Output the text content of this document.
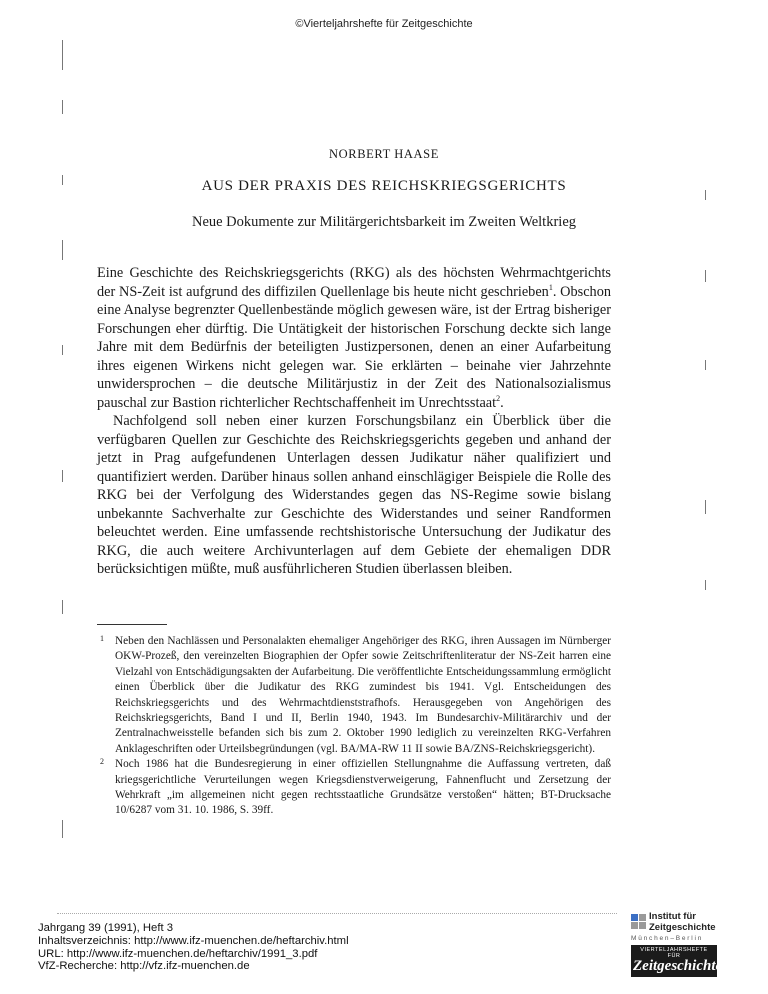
©Vierteljahrshefte für Zeitgeschichte
NORBERT HAASE
AUS DER PRAXIS DES REICHSKRIEGSGERICHTS
Neue Dokumente zur Militärgerichtsbarkeit im Zweiten Weltkrieg

Eine Geschichte des Reichskriegsgerichts (RKG) als des höchsten Wehrmachtgerichts der NS-Zeit ist aufgrund des diffizilen Quellenlage bis heute nicht geschrieben$^1$. Obschon eine Analyse begrenzter Quellenbestände möglich gewesen wäre, ist der Ertrag bisheriger Forschungen eher dürftig. Die Untätigkeit der historischen Forschung deckte sich lange Jahre mit dem Bedürfnis der beteiligten Justizpersonen, denen an einer Aufarbeitung ihres eigenen Wirkens nicht gelegen war. Sie erklärten – beinahe vier Jahrzehnte unwidersprochen – die deutsche Militärjustiz in der Zeit des Nationalsozialismus pauschal zur Bastion richterlicher Rechtschaffenheit im Unrechtsstaat$^2$.

Nachfolgend soll neben einer kurzen Forschungsbilanz ein Überblick über die verfügbaren Quellen zur Geschichte des Reichskriegsgerichts gegeben und anhand der jetzt in Prag aufgefundenen Unterlagen dessen Judikatur näher qualifiziert und quantifiziert werden. Darüber hinaus sollen anhand einschlägiger Beispiele die Rolle des RKG bei der Verfolgung des Widerstandes gegen das NS-Regime sowie bislang unbekannte Sachverhalte zur Geschichte des Widerstandes und seiner Randformen beleuchtet werden. Eine umfassende rechtshistorische Untersuchung der Judikatur des RKG, die auch weitere Archivunterlagen auf dem Gebiete der ehemaligen DDR berücksichtigen müßte, muß ausführlicheren Studien überlassen bleiben.

1 Neben den Nachlässen und Personalakten ehemaliger Angehöriger des RKG, ihren Aussagen im Nürnberger OKW-Prozeß, den vereinzelten Biographien der Opfer sowie Zeitschriftenliteratur der NS-Zeit harren eine Vielzahl von Entschädigungsakten der Aufarbeitung. Die veröffentlichte Entscheidungssammlung ermöglicht einen Überblick über die Judikatur des RKG zumindest bis 1941. Vgl. Entscheidungen des Reichskriegsgerichts und des Wehrmachtdienststrafhofs. Herausgegeben von Angehörigen des Reichskriegsgerichts, Band I und II, Berlin 1940, 1943. Im Bundesarchiv-Militärarchiv und der Zentralnachweisstelle befanden sich bis zum 2. Oktober 1990 lediglich zu vereinzelten RKG-Verfahren Anklageschriften oder Urteilsbegründungen (vgl. BA/MA-RW 11 II sowie BA/ZNS-Reichskriegsgericht).
2 Noch 1986 hat die Bundesregierung in einer offiziellen Stellungnahme die Auffassung vertreten, daß kriegsgerichtliche Verurteilungen wegen Kriegsdienstverweigerung, Fahnenflucht und Zersetzung der Wehrkraft „im allgemeinen nicht gegen rechtsstaatliche Grundsätze verstoßen“ hätten; BT-Drucksache 10/6287 vom 31. 10. 1986, S. 39ff.
Jahrgang 39 (1991), Heft 3
Inhaltsverzeichnis: http://www.ifz-muenchen.de/heftarchiv.html
URL: http://www.ifz-muenchen.de/heftarchiv/1991_3.pdf
VfZ-Recherche: http://vfz.ifz-muenchen.de
Institut für
Zeitgeschichte
München–Berlin
VIERTELJAHRSHEFTE FÜR
Zeitgeschichte
